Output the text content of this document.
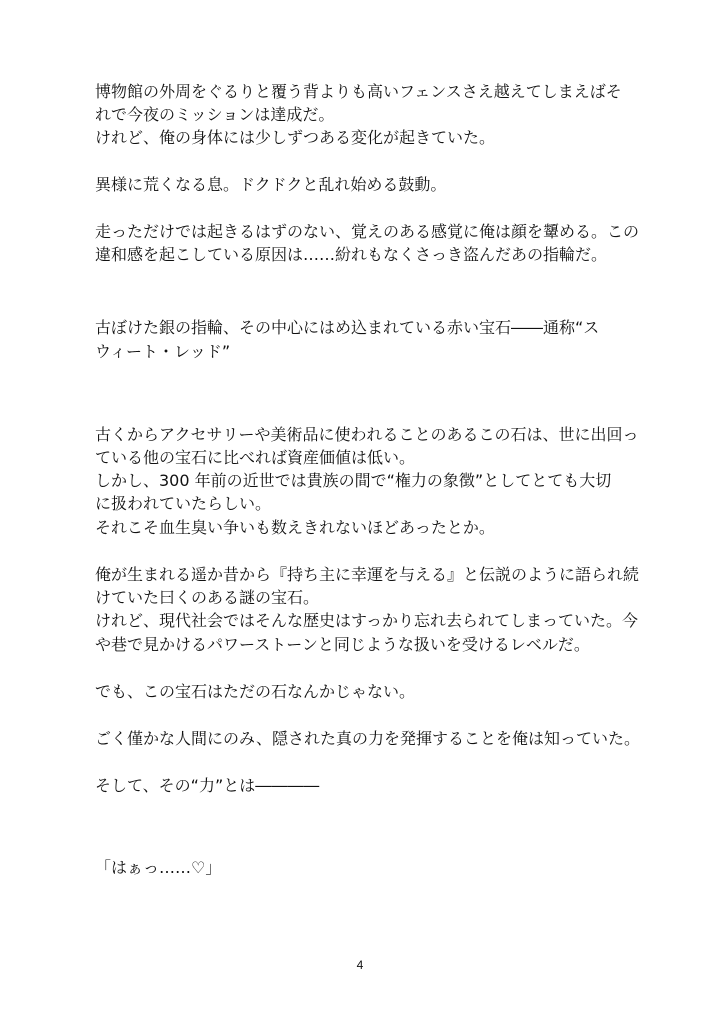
博物館の外周をぐるりと覆う背よりも高いフェンスさえ越えてしまえばそ
れで今夜のミッションは達成だ。
けれど、俺の身体には少しずつある変化が起きていた。
異様に荒くなる息。ドクドクと乱れ始める鼓動。
走っただけでは起きるはずのない、覚えのある感覚に俺は顔を顰める。この
違和感を起こしている原因は……紛れもなくさっき盗んだあの指輪だ。
古ぼけた銀の指輪、その中心にはめ込まれている赤い宝石――通称“ス
ウィート・レッド”
古くからアクセサリーや美術品に使われることのあるこの石は、世に出回っ
ている他の宝石に比べれば資産価値は低い。
しかし、300 年前の近世では貴族の間で“権力の象徴”としてとても大切
に扱われていたらしい。
それこそ血生臭い争いも数えきれないほどあったとか。
俺が生まれる遥か昔から『持ち主に幸運を与える』と伝説のように語られ続
けていた曰くのある謎の宝石。
けれど、現代社会ではそんな歴史はすっかり忘れ去られてしまっていた。今
や巷で見かけるパワーストーンと同じような扱いを受けるレベルだ。
でも、この宝石はただの石なんかじゃない。
ごく僅かな人間にのみ、隠された真の力を発揮することを俺は知っていた。
そして、その“力”とは――――
「はぁっ……♡」
4
